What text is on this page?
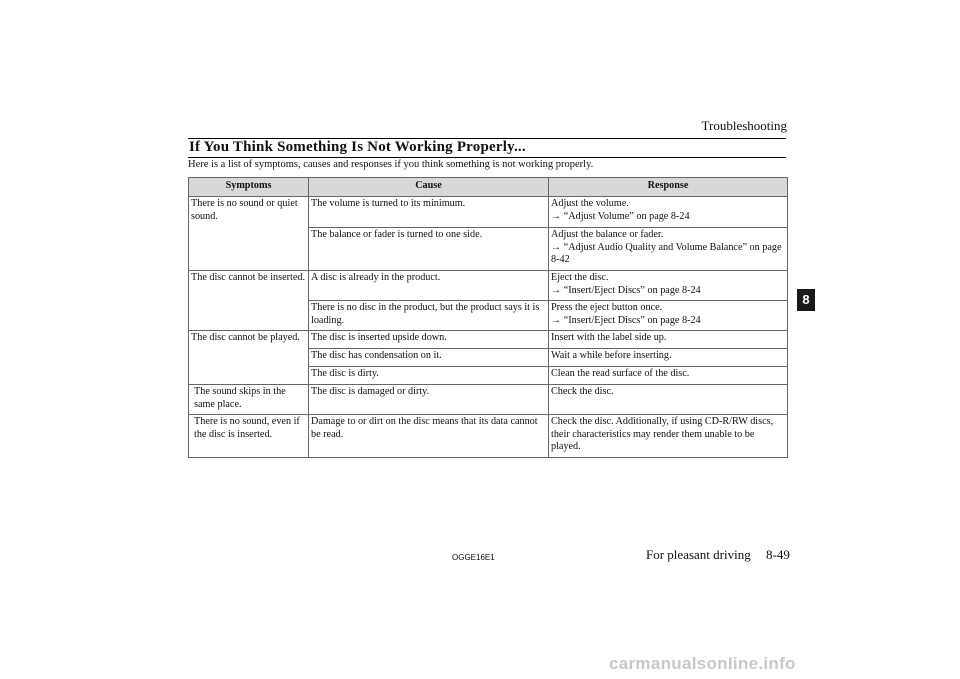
Troubleshooting
If You Think Something Is Not Working Properly...
Here is a list of symptoms, causes and responses if you think something is not working properly.
Symptoms	Cause	Response
There is no sound or quiet sound.	The volume is turned to its minimum.	Adjust the volume.
→ “Adjust Volume” on page 8-24

	The balance or fader is turned to one side.	Adjust the balance or fader.
→ “Adjust Audio Quality and Volume Balance” on page 8-42

The disc cannot be inserted.	A disc is already in the product.	Eject the disc.
→ “Insert/Eject Discs” on page 8-24

	There is no disc in the product, but the product says it is loading.	Press the eject button once.
→ “Insert/Eject Discs” on page 8-24

The disc cannot be played.	The disc is inserted upside down.	Insert with the label side up.
	The disc has condensation on it.	Wait a while before inserting.
	The disc is dirty.	Clean the read surface of the disc.
The sound skips in the same place.	The disc is damaged or dirty.	Check the disc.
There is no sound, even if the disc is inserted.	Damage to or dirt on the disc means that its data cannot be read.	Check the disc. Additionally, if using CD-R/RW discs, their characteristics may render them unable to be played.
8
OGGE16E1	For pleasant driving 8-49
carmanualsonline.info
